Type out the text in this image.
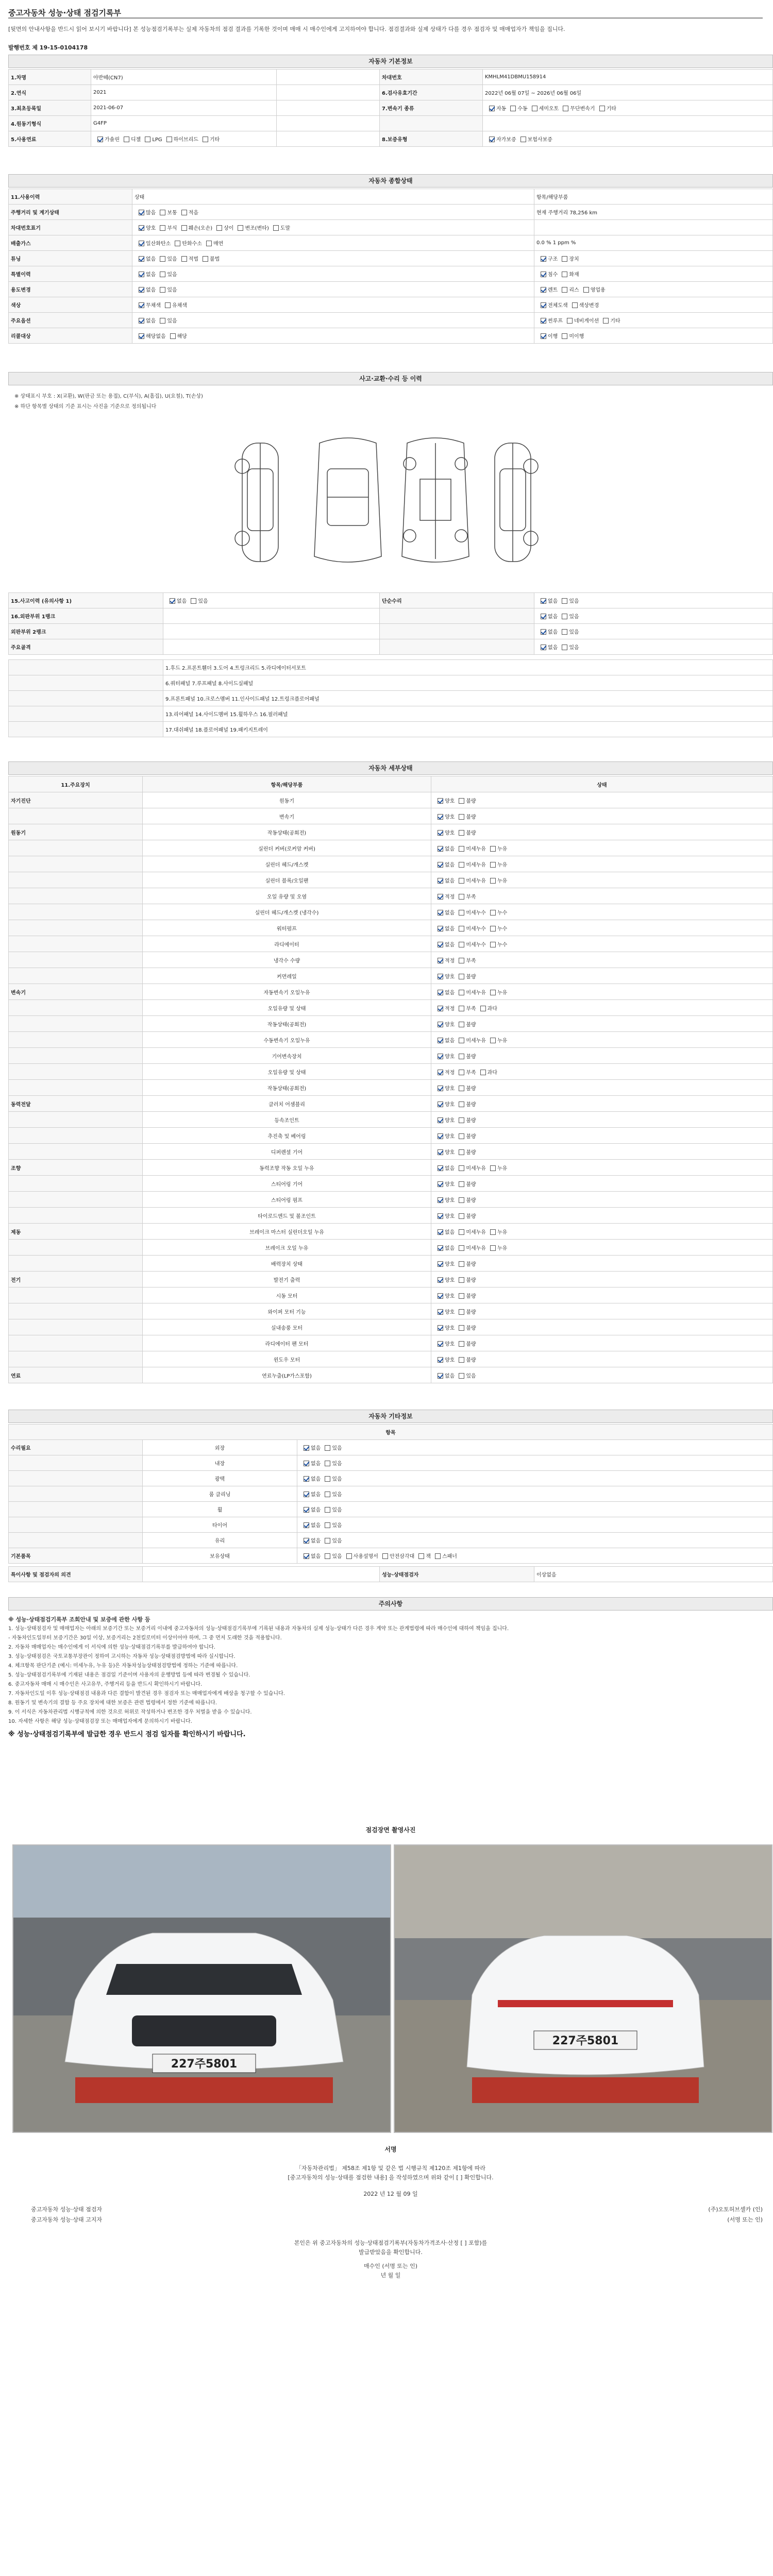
중고자동차 성능·상태 점검기록부
[뒷면의 안내사항을 반드시 읽어 보시기 바랍니다] 본 성능점검기록부는 실제 자동차의 점검 결과를 기록한 것이며 매매 시 매수인에게 고지하여야 합니다. 점검결과와 실제 상태가 다를 경우 점검자 및 매매업자가 책임을 집니다.
발행번호 제 19-15-0104178
자동차 기본정보
1.차명	아반떼(CN7)		차대번호	KMHLM41DBMU158914
2.연식	2021		6.검사유효기간	2022년 06월 07일 ~ 2026년 06월 06일
3.최초등록일	2021-06-07		7.변속기 종류	자동 수동 세미오토 무단변속기 기타
4.원동기형식	G4FP			
5.사용연료	가솔린 디젤 LPG 하이브리드 기타		8.보증유형	자가보증 보험사보증
자동차 종합상태
11.사용이력	상태	항목/해당부품
주행거리 및 계기상태	많음 보통 적음	현재 주행거리 78,256 km
차대번호표기	양호 부식 훼손(오손) 상이 변조(변타) 도말	
배출가스	일산화탄소 탄화수소 매연	0.0 % 1 ppm %
튜닝	없음 있음 적법 불법	구조 장치
특별이력	없음 있음	침수 화재
용도변경	없음 있음	렌트 리스 영업용
색상	무채색 유채색	전체도색 색상변경
주요옵션	없음 있음	썬루프 네비게이션 기타
리콜대상	해당없음 해당	이행 미이행
사고·교환·수리 등 이력
※ 상태표시 부호 : X(교환), W(판금 또는 용접), C(부식), A(흠집), U(요철), T(손상)
※ 하단 항목별 상태의 기준 표시는 사진을 기준으로 정의됩니다
15.사고이력 (유의사항 1)	없음 있음	단순수리	없음 있음
16.외판부위 1랭크			없음 있음
외판부위 2랭크			없음 있음
주요골격			없음 있음
	1.후드 2.프론트휀더 3.도어 4.트렁크리드 5.라디에이터서포트
	6.쿼터패널 7.루프패널 8.사이드실패널
	9.프론트패널 10.크로스멤버 11.인사이드패널 12.트렁크플로어패널
	13.리어패널 14.사이드멤버 15.휠하우스 16.필러패널
	17.대쉬패널 18.플로어패널 19.패키지트레이
자동차 세부상태
11.주요장치	항목/해당부품	상태
자기진단	원동기	양호 불량
	변속기	양호 불량
원동기	작동상태(공회전)	양호 불량
	실린더 커버(로커암 커버)	없음 미세누유 누유
	실린더 헤드/개스켓	없음 미세누유 누유
	실린더 블록/오일팬	없음 미세누유 누유
	오일 유량 및 오염	적정 부족
	실린더 헤드/개스켓 (냉각수)	없음 미세누수 누수
	워터펌프	없음 미세누수 누수
	라디에이터	없음 미세누수 누수
	냉각수 수량	적정 부족
	커먼레일	양호 불량
변속기	자동변속기 오일누유	없음 미세누유 누유
	오일유량 및 상태	적정 부족 과다
	작동상태(공회전)	양호 불량
	수동변속기 오일누유	없음 미세누유 누유
	기어변속장치	양호 불량
	오일유량 및 상태	적정 부족 과다
	작동상태(공회전)	양호 불량
동력전달	클러치 어셈블리	양호 불량
	등속조인트	양호 불량
	추진축 및 베어링	양호 불량
	디퍼렌셜 기어	양호 불량
조향	동력조향 작동 오일 누유	없음 미세누유 누유
	스티어링 기어	양호 불량
	스티어링 펌프	양호 불량
	타이로드엔드 및 볼조인트	양호 불량
제동	브레이크 마스터 실린더오일 누유	없음 미세누유 누유
	브레이크 오일 누유	없음 미세누유 누유
	배력장치 상태	양호 불량
전기	발전기 출력	양호 불량
	시동 모터	양호 불량
	와이퍼 모터 기능	양호 불량
	실내송풍 모터	양호 불량
	라디에이터 팬 모터	양호 불량
	윈도우 모터	양호 불량
연료	연료누출(LP가스포함)	없음 있음
자동차 기타정보
항목		
수리필요	외장	없음 있음
	내장	없음 있음
	광택	없음 있음
	룸 클리닝	없음 있음
	휠	없음 있음
	타이어	없음 있음
	유리	없음 있음
기본품목	보유상태	없음 있음 사용설명서 안전삼각대 잭 스패너
특이사항 및 점검자의 의견		성능·상태점검자	이상없음
주의사항

※ 성능·상태점검기록부 조회안내 및 보증에 관한 사항 등

1. 성능·상태점검자 및 매매업자는 아래의 보증기간 또는 보증거리 이내에 중고자동차의 성능·상태점검기록부에 기록된 내용과 자동차의 실제 성능·상태가 다른 경우 계약 또는 관계법령에 따라 매수인에 대하여 책임을 집니다.

- 자동차인도일부터 보증기간은 30일 이상, 보증거리는 2천킬로미터 이상이어야 하며, 그 중 먼저 도래한 것을 적용합니다.

2. 자동차 매매업자는 매수인에게 이 서식에 의한 성능·상태점검기록부를 발급하여야 합니다.

3. 성능·상태점검은 국토교통부장관이 정하여 고시하는 자동차 성능·상태점검방법에 따라 실시합니다.

4. 체크항목 판단기준 (예시: 미세누유, 누유 등)은 자동차성능상태점검방법에 정하는 기준에 따릅니다.

5. 성능·상태점검기록부에 기재된 내용은 점검일 기준이며 사용자의 운행방법 등에 따라 변경될 수 있습니다.

6. 중고자동차 매매 시 매수인은 사고유무, 주행거리 등을 반드시 확인하시기 바랍니다.

7. 자동차인도일 이후 성능·상태점검 내용과 다른 결함이 발견된 경우 점검자 또는 매매업자에게 배상을 청구할 수 있습니다.

8. 원동기 및 변속기의 결함 등 주요 장치에 대한 보증은 관련 법령에서 정한 기준에 따릅니다.

9. 이 서식은 자동차관리법 시행규칙에 의한 것으로 허위로 작성하거나 변조한 경우 처벌을 받을 수 있습니다.

10. 자세한 사항은 해당 성능·상태점검장 또는 매매업자에게 문의하시기 바랍니다.

※ 성능·상태점검기록부에 발급한 경우 반드시 점검 일자를 확인하시기 바랍니다.

점검장면 촬영사진
227주5801
227주5801
서명
「자동차관리법」 제58조 제1항 및 같은 법 시행규칙 제120조 제1항에 따라
[중고자동차의 성능·상태를 점검한 내용] 을 작성하였으며 위와 같이 [ ] 확인합니다.
2022 년 12 월 09 일
중고자동차 성능·상태 점검자	(주)오토허브셀카 (인)
중고자동차 성능·상태 고지자	(서명 또는 인)
본인은 위 중고자동차의 성능·상태점검기록부(자동차가격조사·산정 [ ] 포함)를
발급받았음을 확인합니다.
매수인 (서명 또는 인)
년 월 일
